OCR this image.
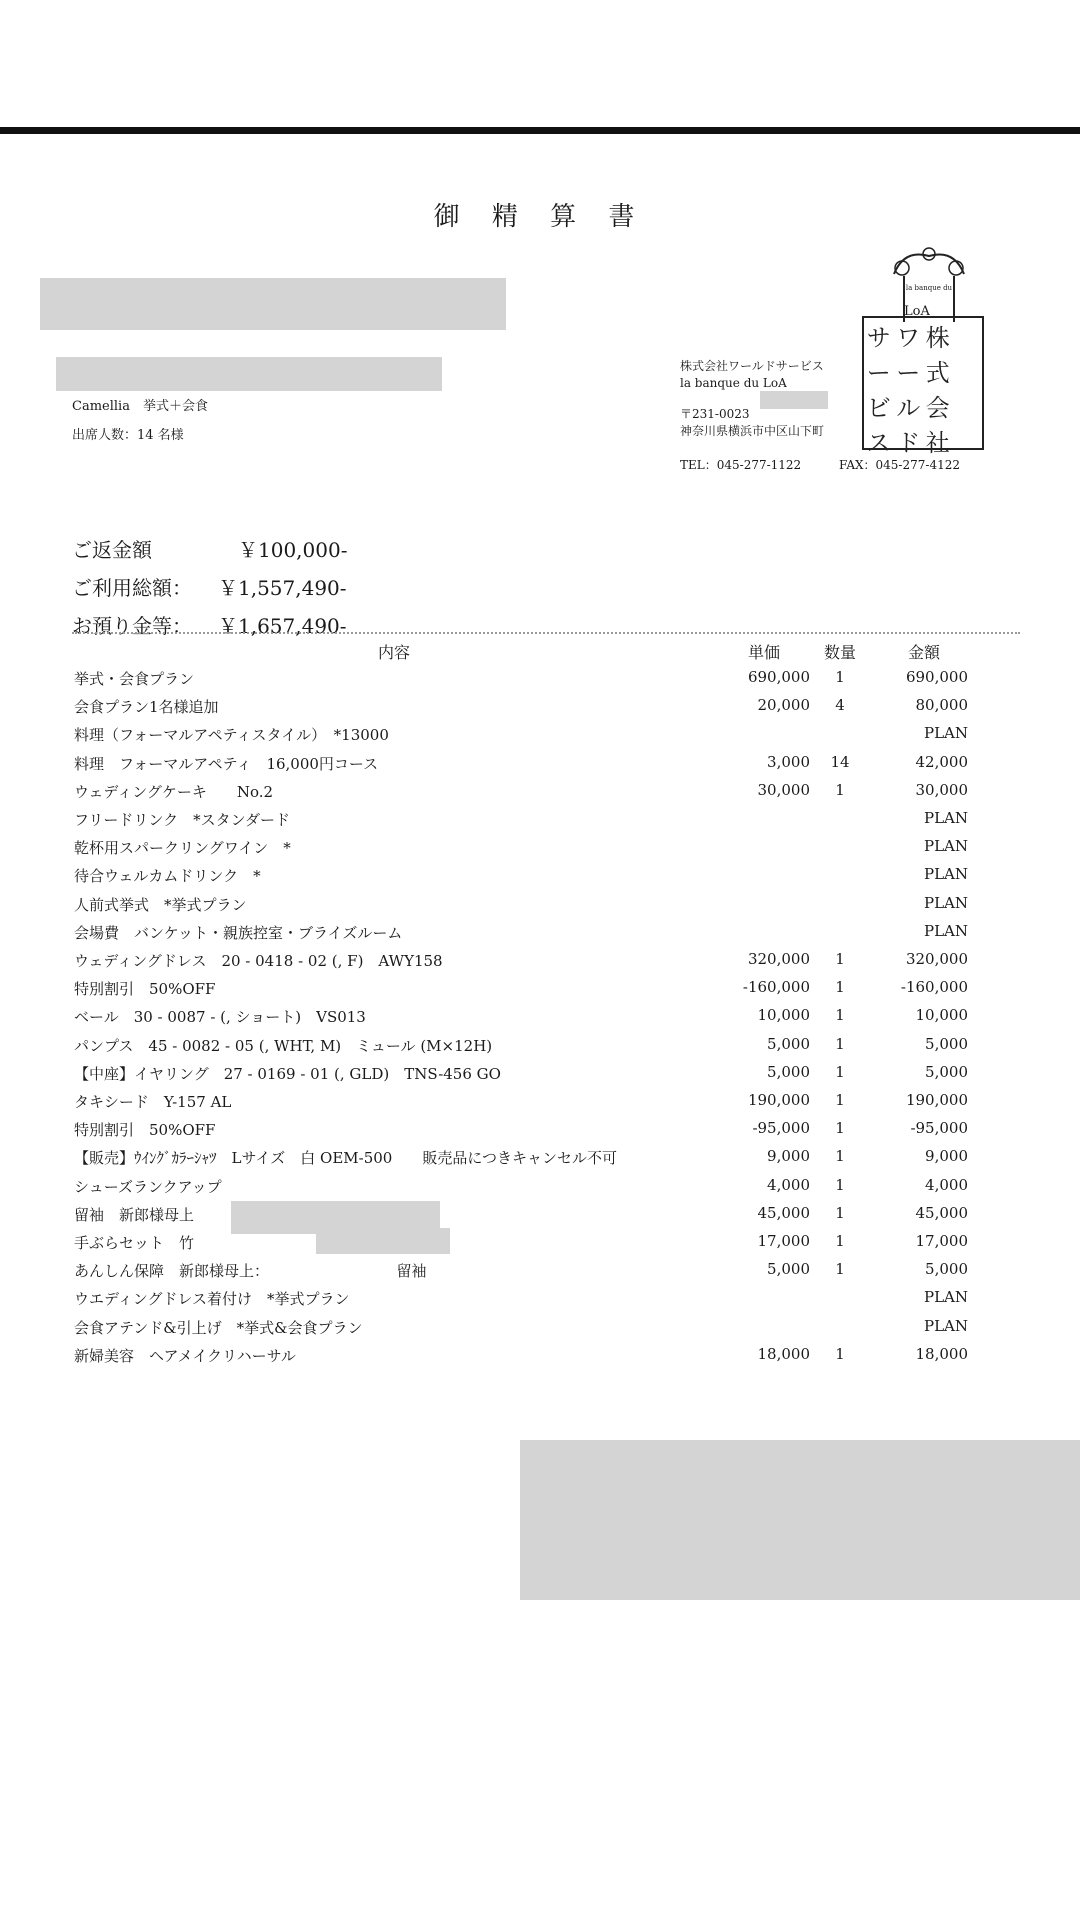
御 精 算 書
Camellia　挙式＋会食
出席人数：14 名様
la banque du
LoA
株式会社ワールドサービス
la banque du LoA
〒231-0023
神奈川県横浜市中区山下町
サ ワ 株
ー ー 式
ビ ル 会
ス ド 社
TEL：045-277-1122	FAX：045-277-4122
ご返金額	￥100,000-
ご利用総額： ￥1,557,490-
お預り金等： ￥1,657,490-
内容	単価	数量	金額
挙式・会食プラン	690,000	1	690,000
会食プラン1名様追加	20,000	4	80,000
料理（フォーマルアペティスタイル）　*13000	PLAN
料理　フォーマルアペティ　16,000円コース	3,000	14	42,000
ウェディングケーキ　　No.2	30,000	1	30,000
フリードリンク　*スタンダード	PLAN
乾杯用スパークリングワイン　*	PLAN
待合ウェルカムドリンク　*	PLAN
人前式挙式　*挙式プラン	PLAN
会場費　バンケット・親族控室・ブライズルーム	PLAN
ウェディングドレス　20 - 0418 - 02 (, F)　AWY158	320,000	1	320,000
特別割引　50%OFF	-160,000	1	-160,000
ベール　30 - 0087 - (, ショート)　VS013	10,000	1	10,000
パンプス　45 - 0082 - 05 (, WHT, M)　ミュール (M×12H)	5,000	1	5,000
【中座】イヤリング　27 - 0169 - 01 (, GLD)　TNS-456 GO	5,000	1	5,000
タキシード　Y-157 AL	190,000	1	190,000
特別割引　50%OFF	-95,000	1	-95,000
【販売】ｳｲﾝｸﾞｶﾗｰｼｬﾂ　Lサイズ　白 OEM-500　　販売品につきキャンセル不可	9,000	1	9,000
シューズランクアップ	4,000	1	4,000
留袖　新郎様母上	45,000	1	45,000
手ぶらセット　竹	17,000	1	17,000
あんしん保障　新郎様母上：　　　　　　　　　留袖	5,000	1	5,000
ウエディングドレス着付け　*挙式プラン	PLAN
会食アテンド&引上げ　*挙式&会食プラン	PLAN
新婦美容　ヘアメイクリハーサル	18,000	1	18,000
